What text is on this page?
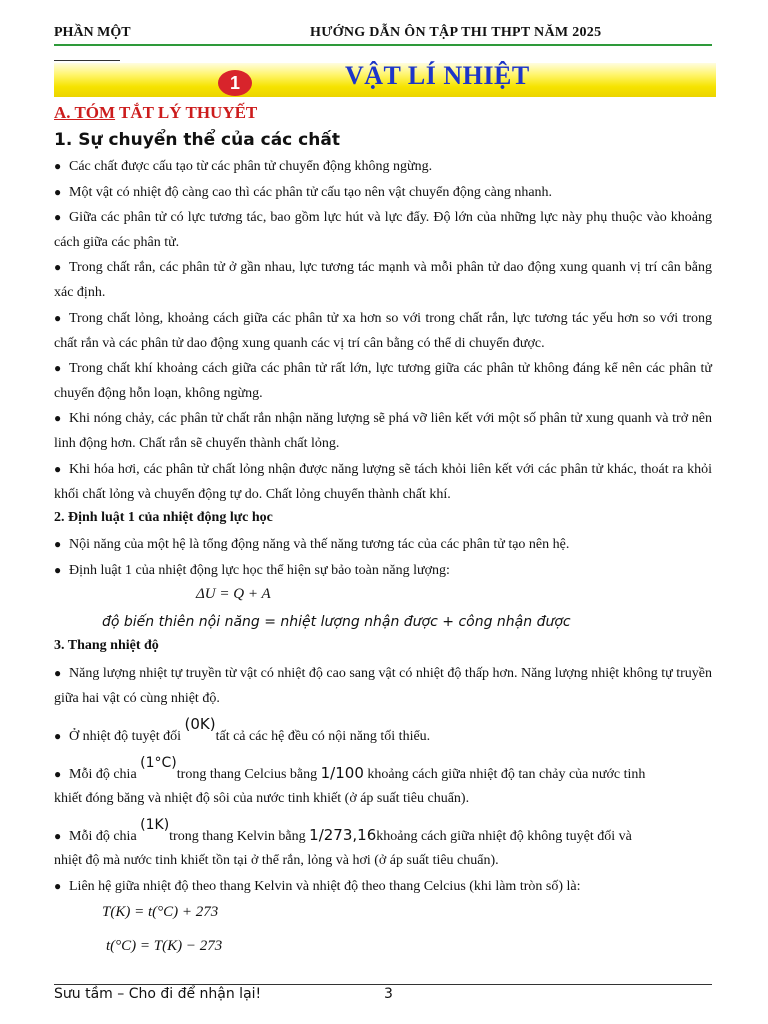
PHẦN MỘT	HƯỚNG DẪN ÔN TẬP THI THPT NĂM 2025
1	VẬT LÍ NHIỆT
A. TÓM TẮT LÝ THUYẾT
1. Sự chuyển thể của các chất
● Các chất được cấu tạo từ các phân tử chuyển động không ngừng.
● Một vật có nhiệt độ càng cao thì các phân tử cấu tạo nên vật chuyển động càng nhanh.
● Giữa các phân tử có lực tương tác, bao gồm lực hút và lực đẩy. Độ lớn của những lực này phụ thuộc vào khoảng cách giữa các phân tử.
● Trong chất rắn, các phân tử ở gần nhau, lực tương tác mạnh và mỗi phân tử dao động xung quanh vị trí cân bằng xác định.
● Trong chất lỏng, khoảng cách giữa các phân tử xa hơn so với trong chất rắn, lực tương tác yếu hơn so với trong chất rắn và các phân tử dao động xung quanh các vị trí cân bằng có thể di chuyển được.
● Trong chất khí khoảng cách giữa các phân tử rất lớn, lực tương giữa các phân tử không đáng kể nên các phân tử chuyển động hỗn loạn, không ngừng.
● Khi nóng chảy, các phân tử chất rắn nhận năng lượng sẽ phá vỡ liên kết với một số phân tử xung quanh và trở nên linh động hơn. Chất rắn sẽ chuyển thành chất lỏng.
● Khi hóa hơi, các phân tử chất lỏng nhận được năng lượng sẽ tách khỏi liên kết với các phân tử khác, thoát ra khỏi khối chất lỏng và chuyển động tự do. Chất lỏng chuyển thành chất khí.
2. Định luật 1 của nhiệt động lực học
● Nội năng của một hệ là tổng động năng và thế năng tương tác của các phân tử tạo nên hệ.
● Định luật 1 của nhiệt động lực học thể hiện sự bảo toàn năng lượng:
ΔU = Q + A
độ biến thiên nội năng = nhiệt lượng nhận được + công nhận được
3. Thang nhiệt độ
● Năng lượng nhiệt tự truyền từ vật có nhiệt độ cao sang vật có nhiệt độ thấp hơn. Năng lượng nhiệt không tự truyền giữa hai vật có cùng nhiệt độ.
● Ở nhiệt độ tuyệt đối (0K)tất cả các hệ đều có nội năng tối thiểu.
● Mỗi độ chia (1°C)trong thang Celcius bằng 1/100 khoảng cách giữa nhiệt độ tan chảy của nước tinh
khiết đóng băng và nhiệt độ sôi của nước tinh khiết (ở áp suất tiêu chuẩn).
● Mỗi độ chia (1K)trong thang Kelvin bằng 1/273,16khoảng cách giữa nhiệt độ không tuyệt đối và
nhiệt độ mà nước tinh khiết tồn tại ở thể rắn, lỏng và hơi (ở áp suất tiêu chuẩn).
● Liên hệ giữa nhiệt độ theo thang Kelvin và nhiệt độ theo thang Celcius (khi làm tròn số) là:
T(K) = t(°C) + 273
t(°C) = T(K) − 273
Sưu tầm – Cho đi để nhận lại!	3
